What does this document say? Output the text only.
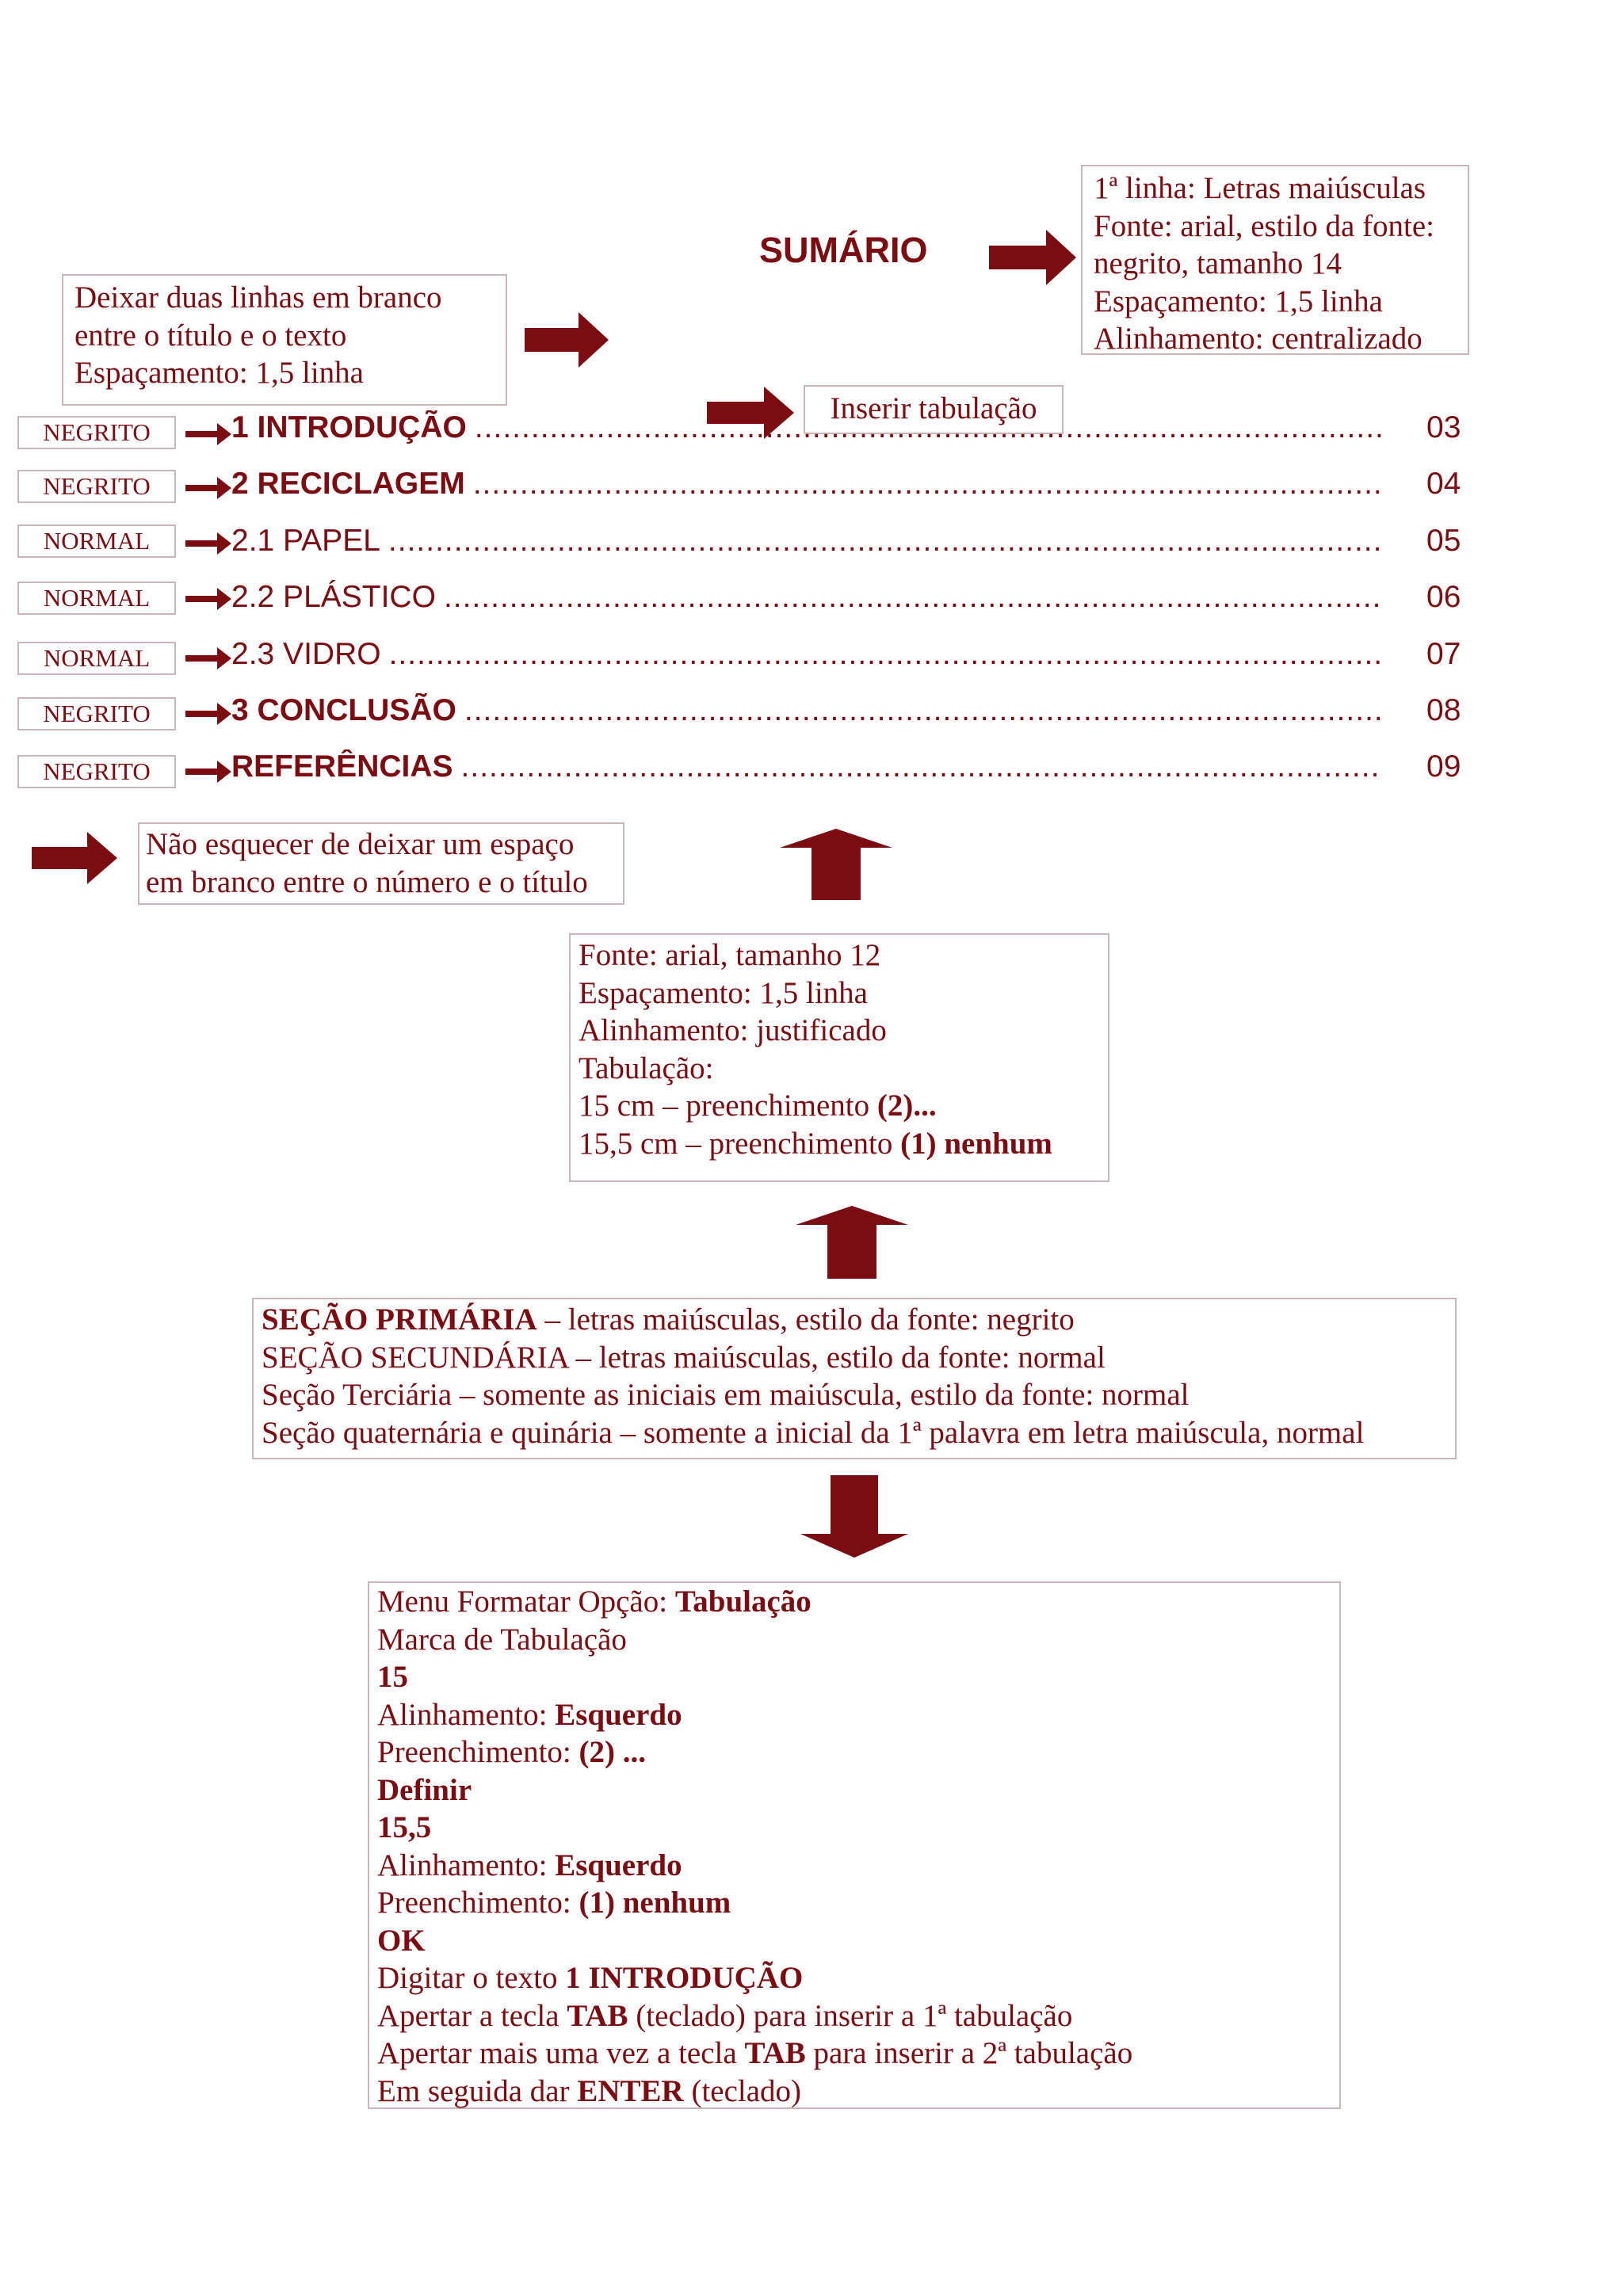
SUMÁRIO
1ª linha: Letras maiúsculas
Fonte: arial, estilo da fonte:
negrito, tamanho 14
Espaçamento: 1,5 linha
Alinhamento: centralizado
Deixar duas linhas em branco
entre o título e o texto
Espaçamento: 1,5 linha
Inserir tabulação
NEGRITO	1 INTRODUÇÃO .....	03
NEGRITO	2 RECICLAGEM .....	04
NORMAL	2.1 PAPEL .....	05
NORMAL	2.2 PLÁSTICO .....	06
NORMAL	2.3 VIDRO .....	07
NEGRITO	3 CONCLUSÃO .....	08
NEGRITO	REFERÊNCIAS .....	09
Não esquecer de deixar um espaço
em branco entre o número e o título
Fonte: arial, tamanho 12
Espaçamento: 1,5 linha
Alinhamento: justificado
Tabulação:
15 cm – preenchimento (2)...
15,5 cm – preenchimento (1) nenhum
SEÇÃO PRIMÁRIA – letras maiúsculas, estilo da fonte: negrito
SEÇÃO SECUNDÁRIA – letras maiúsculas, estilo da fonte: normal
Seção Terciária – somente as iniciais em maiúscula, estilo da fonte: normal
Seção quaternária e quinária – somente a inicial da 1ª palavra em letra maiúscula, normal
Menu Formatar Opção: Tabulação
Marca de Tabulação
15
Alinhamento: Esquerdo
Preenchimento: (2) ...
Definir
15,5
Alinhamento: Esquerdo
Preenchimento: (1) nenhum
OK
Digitar o texto 1 INTRODUÇÃO
Apertar a tecla TAB (teclado) para inserir a 1ª tabulação
Apertar mais uma vez a tecla TAB para inserir a 2ª tabulação
Em seguida dar ENTER (teclado)
